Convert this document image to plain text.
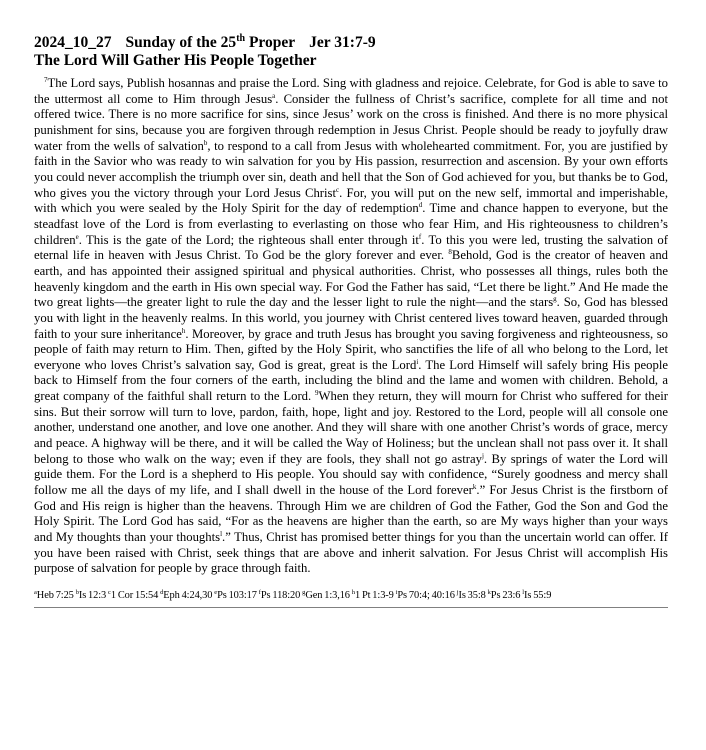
2024_10_27 Sunday of the 25th Proper Jer 31:7-9
The Lord Will Gather His People Together
$^7$The Lord says, Publish hosannas and praise the Lord. Sing with gladness and rejoice. Celebrate, for God is able to save to the uttermost all come to Him through Jesus$^a$. Consider the fullness of Christ’s sacrifice, complete for all time and not offered twice. There is no more sacrifice for sins, since Jesus’ work on the cross is finished. And there is no more physical punishment for sins, because you are forgiven through redemption in Jesus Christ. People should be ready to joyfully draw water from the wells of salvation$^b$, to respond to a call from Jesus with wholehearted commitment. For, you are justified by faith in the Savior who was ready to win salvation for you by His passion, resurrection and ascension. By your own efforts you could never accomplish the triumph over sin, death and hell that the Son of God achieved for you, but thanks be to God, who gives you the victory through your Lord Jesus Christ$^c$. For, you will put on the new self, immortal and imperishable, with which you were sealed by the Holy Spirit for the day of redemption$^d$. Time and chance happen to everyone, but the steadfast love of the Lord is from everlasting to everlasting on those who fear Him, and His righteousness to children’s children$^e$. This is the gate of the Lord; the righteous shall enter through $it^f$. To this you were led, trusting the salvation of eternal life in heaven with Jesus Christ. To God be the glory forever and ever. $^8$Behold, God is the creator of heaven and earth, and has appointed their assigned spiritual and physical authorities. Christ, who possesses all things, rules both the heavenly kingdom and the earth in His own special way. For God the Father has said, “Let there be light.” And He made the two great lights—the greater light to rule the day and the lesser light to rule the night—and the stars$^g$. So, God has blessed you with light in the heavenly realms. In this world, you journey with Christ centered lives toward heaven, guarded through faith to your sure inheritance$^h$. Moreover, by grace and truth Jesus has brought you saving forgiveness and righteousness, so people of faith may return to Him. Then, gifted by the Holy Spirit, who sanctifies the life of all who belong to the Lord, let everyone who loves Christ’s salvation say, God is great, great is the Lord$^i$. The Lord Himself will safely bring His people back to Himself from the four corners of the earth, including the blind and the lame and women with children. Behold, a great company of the faithful shall return to the Lord. $^9$When they return, they will mourn for Christ who suffered for their sins. But their sorrow will turn to love, pardon, faith, hope, light and joy. Restored to the Lord, people will all console one another, understand one another, and love one another. And they will share with one another Christ’s words of grace, mercy and peace. A highway will be there, and it will be called the Way of Holiness; but the unclean shall not pass over it. It shall belong to those who walk on the way; even if they are fools, they shall not go astray$^j$. By springs of water the Lord will guide them. For the Lord is a shepherd to His people. You should say with confidence, “Surely goodness and mercy shall follow me all the days of my life, and I shall dwell in the house of the Lord forever$^k$.” For Jesus Christ is the firstborn of God and His reign is higher than the heavens. Through Him we are children of God the Father, God the Son and God the Holy Spirit. The Lord God has said, “For as the heavens are higher than the earth, so are My ways higher than your ways and My thoughts than your thoughts$^l$.” Thus, Christ has promised better things for you than the uncertain world can offer. If you have been raised with Christ, seek things that are above and inherit salvation. For Jesus Christ will accomplish His purpose of salvation for people by grace through faith.
$^a$Heb 7:25 $^b$Is 12:3 $^c$1 Cor 15:54 $^d$Eph 4:24,30 $^e$Ps 103:17 $^f$Ps 118:20 $^g$Gen 1:3,16 $^h$1 Pt 1:3-9 $^i$Ps 70:4; 40:16 $^j$Is 35:8 $^k$Ps 23:6 $^l$Is 55:9
